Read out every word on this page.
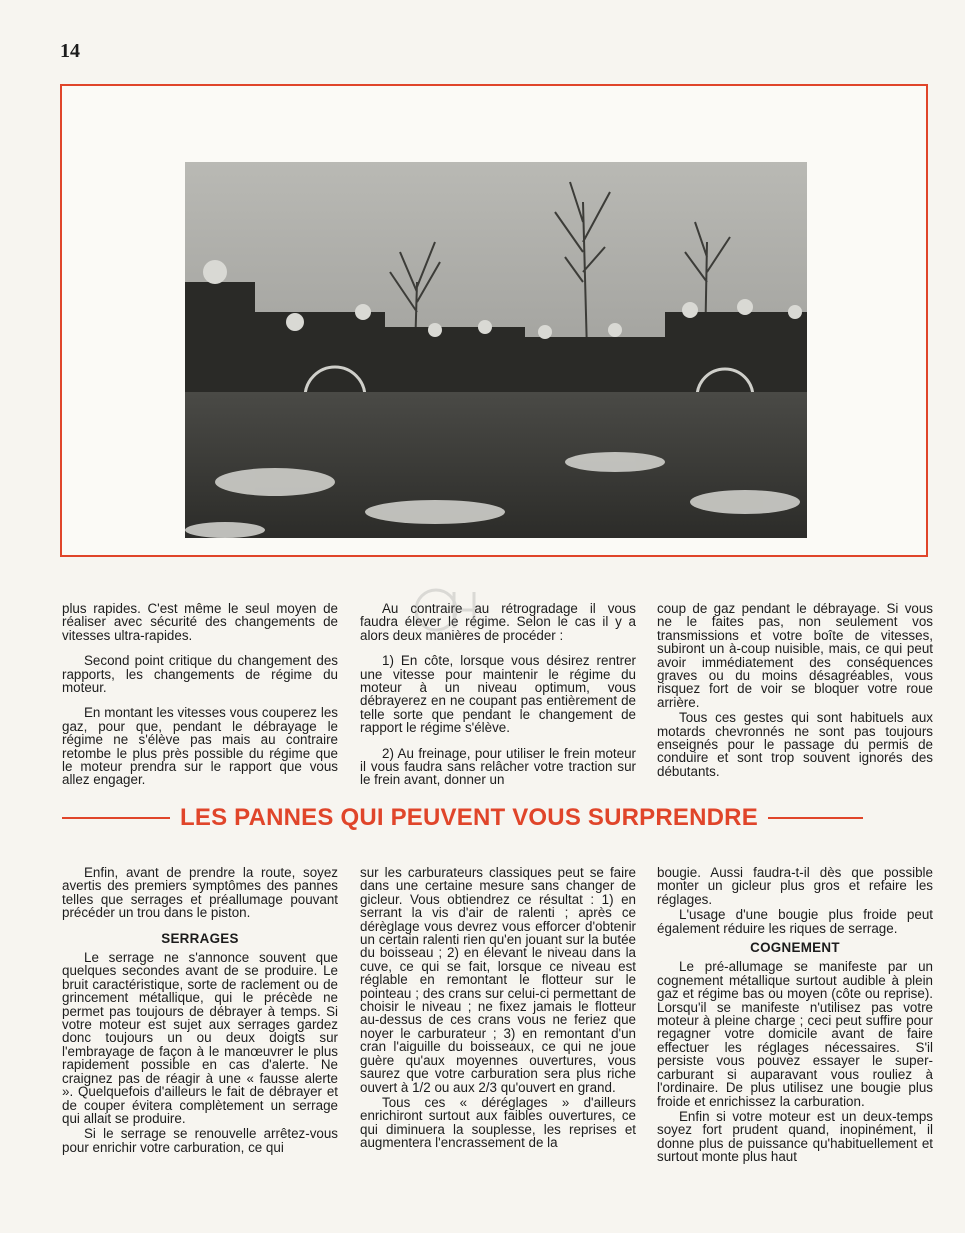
14

plus rapides. C'est même le seul moyen de réaliser avec sécurité des changements de vitesses ultra-rapides.

Second point critique du changement des rapports, les changements de régime du moteur.

En montant les vitesses vous couperez les gaz, pour que, pendant le débrayage le régime ne s'élève pas mais au contraire retombe le plus près possible du régime que le moteur prendra sur le rapport que vous allez engager.

Au contraire au rétrogradage il vous faudra élever le régime. Selon le cas il y a alors deux manières de procéder :

1) En côte, lorsque vous désirez rentrer une vitesse pour maintenir le régime du moteur à un niveau optimum, vous débrayerez en ne coupant pas entièrement de telle sorte que pendant le changement de rapport le régime s'élève.

2) Au freinage, pour utiliser le frein moteur il vous faudra sans relâcher votre traction sur le frein avant, donner un

coup de gaz pendant le débrayage. Si vous ne le faites pas, non seulement vos transmissions et votre boîte de vitesses, subiront un à-coup nuisible, mais, ce qui peut avoir immédiatement des conséquences graves ou du moins désagréables, vous risquez fort de voir se bloquer votre roue arrière.

Tous ces gestes qui sont habituels aux motards chevronnés ne sont pas toujours enseignés pour le passage du permis de conduire et sont trop souvent ignorés des débutants.

LES PANNES QUI PEUVENT VOUS SURPRENDRE

Enfin, avant de prendre la route, soyez avertis des premiers symptômes des pannes telles que serrages et préallumage pouvant précéder un trou dans le piston.

SERRAGES

Le serrage ne s'annonce souvent que quelques secondes avant de se produire. Le bruit caractéristique, sorte de raclement ou de grincement métallique, qui le précède ne permet pas toujours de débrayer à temps. Si votre moteur est sujet aux serrages gardez donc toujours un ou deux doigts sur l'embrayage de façon à le manœuvrer le plus rapidement possible en cas d'alerte. Ne craignez pas de réagir à une « fausse alerte ». Quelquefois d'ailleurs le fait de débrayer et de couper évitera complètement un serrage qui allait se produire.

Si le serrage se renouvelle arrêtez-vous pour enrichir votre carburation, ce qui

sur les carburateurs classiques peut se faire dans une certaine mesure sans changer de gicleur. Vous obtiendrez ce résultat : 1) en serrant la vis d'air de ralenti ; après ce dérèglage vous devrez vous efforcer d'obtenir un certain ralenti rien qu'en jouant sur la butée du boisseau ; 2) en élevant le niveau dans la cuve, ce qui se fait, lorsque ce niveau est réglable en remontant le flotteur sur le pointeau ; des crans sur celui-ci permettant de choisir le niveau ; ne fixez jamais le flotteur au-dessus de ces crans vous ne feriez que noyer le carburateur ; 3) en remontant d'un cran l'aiguille du boisseaux, ce qui ne joue guère qu'aux moyennes ouvertures, vous saurez que votre carburation sera plus riche ouvert à 1/2 ou aux 2/3 qu'ouvert en grand.

Tous ces « déréglages » d'ailleurs enrichiront surtout aux faibles ouvertures, ce qui diminuera la souplesse, les reprises et augmentera l'encrassement de la

bougie. Aussi faudra-t-il dès que possible monter un gicleur plus gros et refaire les réglages.

L'usage d'une bougie plus froide peut également réduire les riques de serrage.

COGNEMENT

Le pré-allumage se manifeste par un cognement métallique surtout audible à plein gaz et régime bas ou moyen (côte ou reprise). Lorsqu'il se manifeste n'utilisez pas votre moteur à pleine charge ; ceci peut suffire pour regagner votre domicile avant de faire effectuer les réglages nécessaires. S'il persiste vous pouvez essayer le super-carburant si auparavant vous rouliez à l'ordinaire. De plus utilisez une bougie plus froide et enrichissez la carburation.

Enfin si votre moteur est un deux-temps soyez fort prudent quand, inopinément, il donne plus de puissance qu'habituellement et surtout monte plus haut
